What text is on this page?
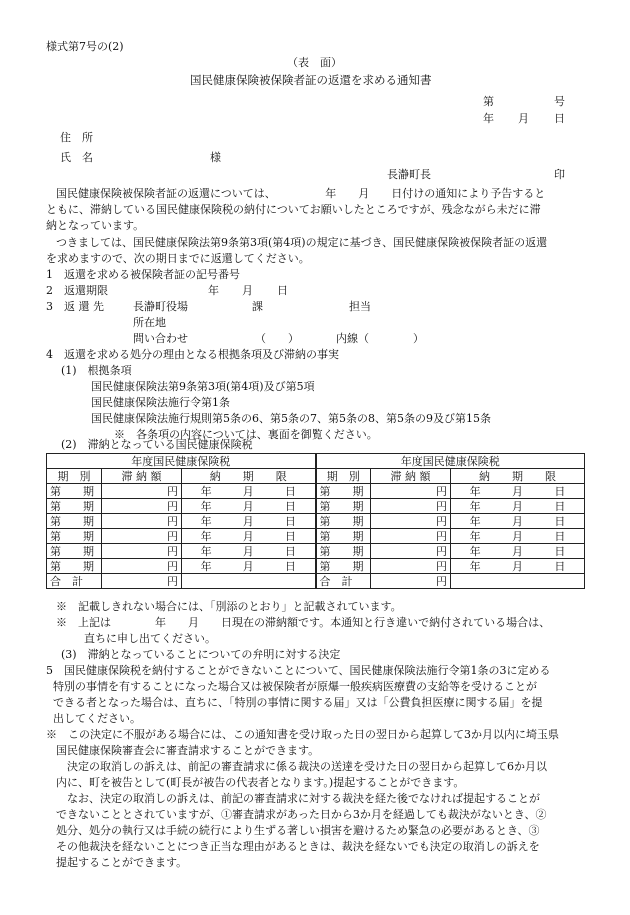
様式第7号の(2)
（表　面）
国民健康保険被保険者証の返還を求める通知書
第	号
年 月 日
住　所
氏　名	様
長瀞町長	印
国民健康保険被保険者証の返還については、　　　　　年　　月　　日付けの通知により予告すると
ともに、滞納している国民健康保険税の納付についてお願いしたところですが、残念ながら未だに滞
納となっています。
つきましては、国民健康保険法第9条第3項(第4項)の規定に基づき、国民健康保険被保険者証の返還
を求めますので、次の期日までに返還してください。
1　返還を求める被保険者証の記号番号
2　返還期限	年 月 日
3　返 還 先	長瀞町役場	課	担当
所在地
問い合わせ	（　　）	内線（　　　　）
4　返還を求める処分の理由となる根拠条項及び滞納の事実
(1)　根拠条項
国民健康保険法第9条第3項(第4項)及び第5項
国民健康保険法施行令第1条
国民健康保険法施行規則第5条の6、第5条の7、第5条の8、第5条の9及び第15条
※　各条項の内容については、裏面を御覧ください。
(2)　滞納となっている国民健康保険税
年度国民健康保険税			年度国民健康保険税		
期　別	滞 納 額	納　　期　　限	期　別	滞 納 額	納　　期　　限
第　　期	円	年 月 日	第　　期	円	年 月 日

第　　期	円	年 月 日	第　　期	円	年 月 日

第　　期	円	年 月 日	第　　期	円	年 月 日

第　　期	円	年 月 日	第　　期	円	年 月 日

第　　期	円	年 月 日	第　　期	円	年 月 日

第　　期	円	年 月 日	第　　期	円	年 月 日

合　計	円		合　計	円	
※　記載しきれない場合には、「別添のとおり」と記載されています。
※　上記は　　　　年　　月　　日現在の滞納額です。本通知と行き違いで納付されている場合は、
直ちに申し出てください。
(3)　滞納となっていることについての弁明に対する決定
5　国民健康保険税を納付することができないことについて、国民健康保険法施行令第1条の3に定める
特別の事情を有することになった場合又は被保険者が原爆一般疾病医療費の支給等を受けることが
できる者となった場合は、直ちに、「特別の事情に関する届」又は「公費負担医療に関する届」を提
出してください。
※　この決定に不服がある場合には、この通知書を受け取った日の翌日から起算して3か月以内に埼玉県
国民健康保険審査会に審査請求することができます。
決定の取消しの訴えは、前記の審査請求に係る裁決の送達を受けた日の翌日から起算して6か月以
内に、町を被告として(町長が被告の代表者となります。)提起することができます。
なお、決定の取消しの訴えは、前記の審査請求に対する裁決を経た後でなければ提起することが
できないこととされていますが、①審査請求があった日から3か月を経過しても裁決がないとき、②
処分、処分の執行又は手続の続行により生ずる著しい損害を避けるため緊急の必要があるとき、③
その他裁決を経ないことにつき正当な理由があるときは、裁決を経ないでも決定の取消しの訴えを
提起することができます。
